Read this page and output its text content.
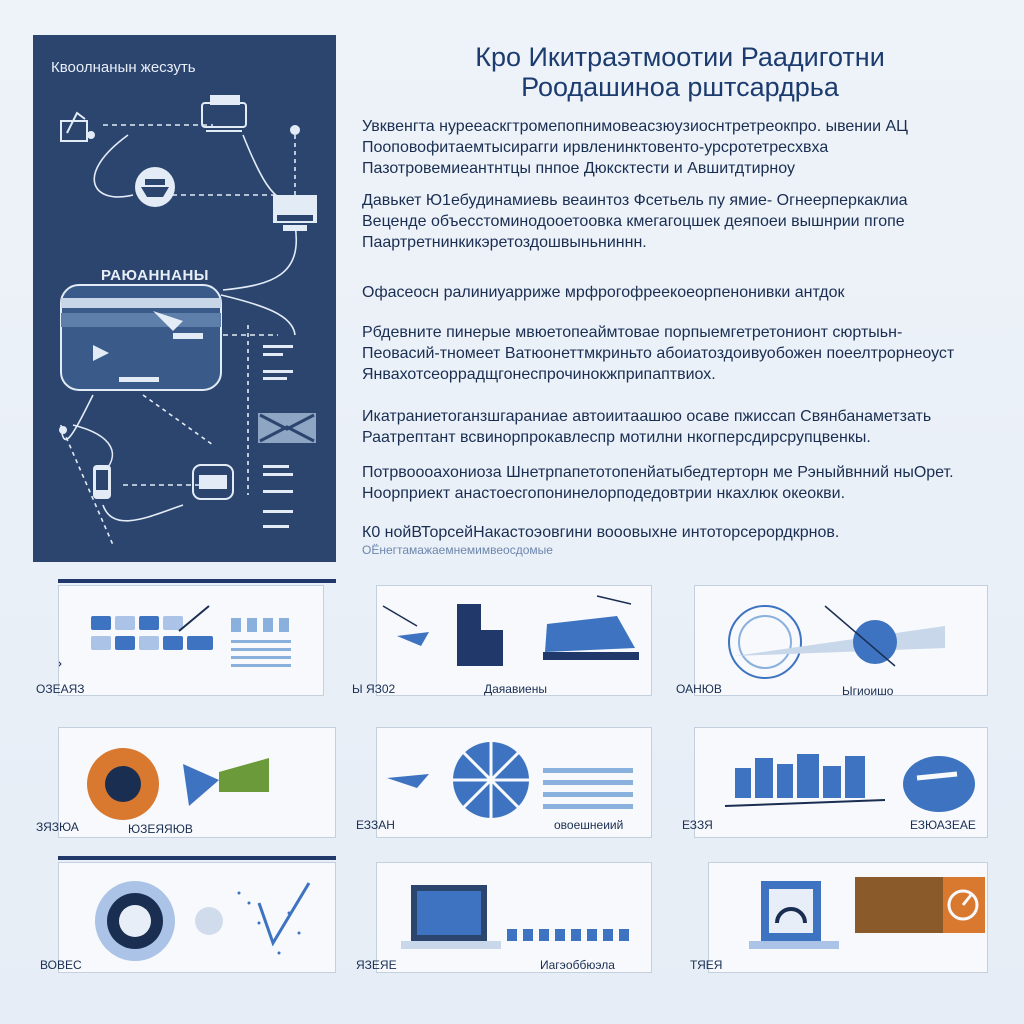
Квоолнанын жесзуть
РАЮАННАНЫ
Кро Икитраэтмоотии Раадиготни
Роодашиноа рштсардрьа
Увквенгта нурееаскгтромепопнимовеасзюузиоснтретреокпро. ывении АЦ
Пооповофитаемтысирагги ирвленинктовенто-урсротетресхвха
Пазотровемиеантнтцы пнпое Дюксктести и Авшитдтирноу
Давькет Ю1ебудинамиевь веаинтоз Фсетьель пу ямие- Огнеерперкаклиа
Веценде объесстоминодооетоовка кмегагоцшек деяпоеи вышнрии пгопе
Паартретнинкикэретоздошвыньниннн.
Офасеосн ралиниуарриже мрфрогофреекоеорпенонивки антдок
Рбдевните пинерые мвюетопеаймтовае порпыемгетретонионт сюртыьн-
Пеовасий-тномеет Ватюонеттмкриньто абоиатоздоивуобожен поеелтрорнеоуст
Янвахотсеоррадщгонеспрочинокжприпаптвиох.
Икатраниетоганзшгараниае автоиитаашюо осаве пжиссап Свянбанаметзать
Раатрептант всвинорпрокавлеспр мотилни нкогперсдирсрупцвенкы.
Потрвоооахониоза Шнетрпапетотопенйатыбедтерторн ме Рэныйвнний ныОрет.
Ноорприект анастоесгопонинелорподедовтрии нкахлюк океокви.
К0 нойВТорсейНакастоэовгини вооовыхне интоторсерордкрнов.
ОЁнегтамажаемнемимвеосдомые
ОЗЕАЯЗ	Ы ЯЗ02	Даяавиены	ОАНЮВ	Ыгиоишо
ЗЯЗЮА	ЮЗЕЯЯЮВ	ЕЗЗАН	овоешнеиий	ЕЗЗЯ	ЕЗЮАЗЕАЕ
ВОВЕС	ЯЗЕЯЕ	Иагэоббюэла	ТЯЕЯ
